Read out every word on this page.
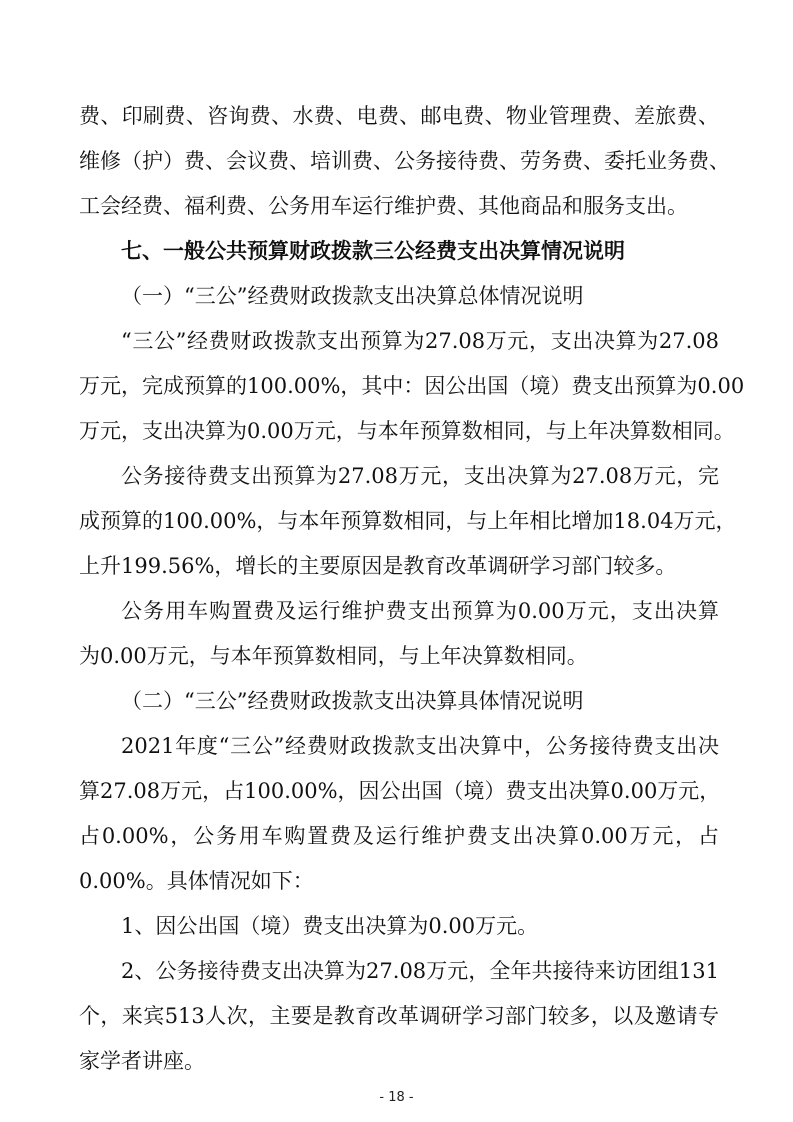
费、印刷费、咨询费、水费、电费、邮电费、物业管理费、差旅费、
维修（护）费、会议费、培训费、公务接待费、劳务费、委托业务费、
工会经费、福利费、公务用车运行维护费、其他商品和服务支出。
七、一般公共预算财政拨款三公经费支出决算情况说明
（一）“三公”经费财政拨款支出决算总体情况说明
“三公”经费财政拨款支出预算为27.08万元，支出决算为27.08
万元，完成预算的100.00%，其中：因公出国（境）费支出预算为0.00
万元，支出决算为0.00万元，与本年预算数相同，与上年决算数相同。
公务接待费支出预算为27.08万元，支出决算为27.08万元，完
成预算的100.00%，与本年预算数相同，与上年相比增加18.04万元，
上升199.56%，增长的主要原因是教育改革调研学习部门较多。
公务用车购置费及运行维护费支出预算为0.00万元，支出决算
为0.00万元，与本年预算数相同，与上年决算数相同。
（二）“三公”经费财政拨款支出决算具体情况说明
2021年度“三公”经费财政拨款支出决算中，公务接待费支出决
算27.08万元，占100.00%，因公出国（境）费支出决算0.00万元，
占0.00%，公务用车购置费及运行维护费支出决算0.00万元，占
0.00%。具体情况如下：
1、因公出国（境）费支出决算为0.00万元。
2、公务接待费支出决算为27.08万元，全年共接待来访团组131
个，来宾513人次，主要是教育改革调研学习部门较多，以及邀请专
家学者讲座。
- 18 -
